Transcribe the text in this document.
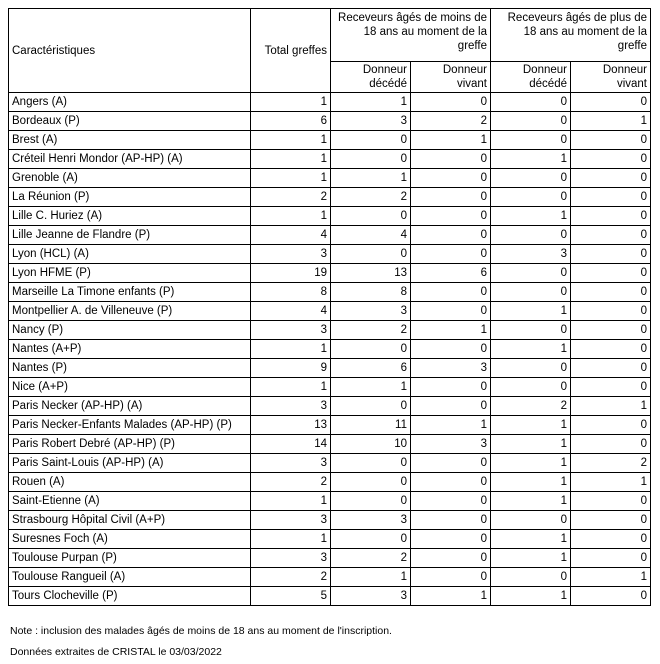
Caractéristiques	Total greffes	Receveurs âgés de moins de 18 ans au moment de la greffe		Receveurs âgés de plus de 18 ans au moment de la greffe	
		Donneur décédé	Donneur vivant	Donneur décédé	Donneur vivant
Angers (A)	1	1	0	0	0
Bordeaux (P)	6	3	2	0	1
Brest (A)	1	0	1	0	0
Créteil Henri Mondor (AP-HP) (A)	1	0	0	1	0
Grenoble (A)	1	1	0	0	0
La Réunion (P)	2	2	0	0	0
Lille C. Huriez (A)	1	0	0	1	0
Lille Jeanne de Flandre (P)	4	4	0	0	0
Lyon (HCL) (A)	3	0	0	3	0
Lyon HFME (P)	19	13	6	0	0
Marseille La Timone enfants (P)	8	8	0	0	0
Montpellier A. de Villeneuve (P)	4	3	0	1	0
Nancy (P)	3	2	1	0	0
Nantes (A+P)	1	0	0	1	0
Nantes (P)	9	6	3	0	0
Nice (A+P)	1	1	0	0	0
Paris Necker (AP-HP) (A)	3	0	0	2	1
Paris Necker-Enfants Malades (AP-HP) (P)	13	11	1	1	0
Paris Robert Debré (AP-HP) (P)	14	10	3	1	0
Paris Saint-Louis (AP-HP) (A)	3	0	0	1	2
Rouen (A)	2	0	0	1	1
Saint-Etienne (A)	1	0	0	1	0
Strasbourg Hôpital Civil (A+P)	3	3	0	0	0
Suresnes Foch (A)	1	0	0	1	0
Toulouse Purpan (P)	3	2	0	1	0
Toulouse Rangueil (A)	2	1	0	0	1
Tours Clocheville (P)	5	3	1	1	0
Note : inclusion des malades âgés de moins de 18 ans au moment de l'inscription.
Données extraites de CRISTAL le 03/03/2022
